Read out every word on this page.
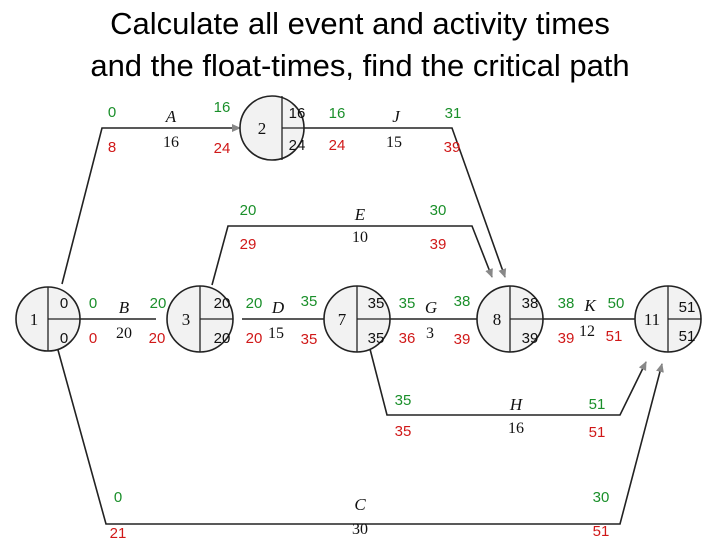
Calculate all event and activity times
and the float-times, find the critical path
1
0
0
2
16
24
3
20
20
7
35
35
8
38
39
11
51
51
0
8
A
16
16
24
16
24
J
15
31
39
0
0
B
20
20
20
20
29
E
10
30
39
20
20
D
15
35
35
35
36
G
3
38
39
35
35
H
16
51
51
38
39
K
12
50
51
0
21
C
30
30
51
